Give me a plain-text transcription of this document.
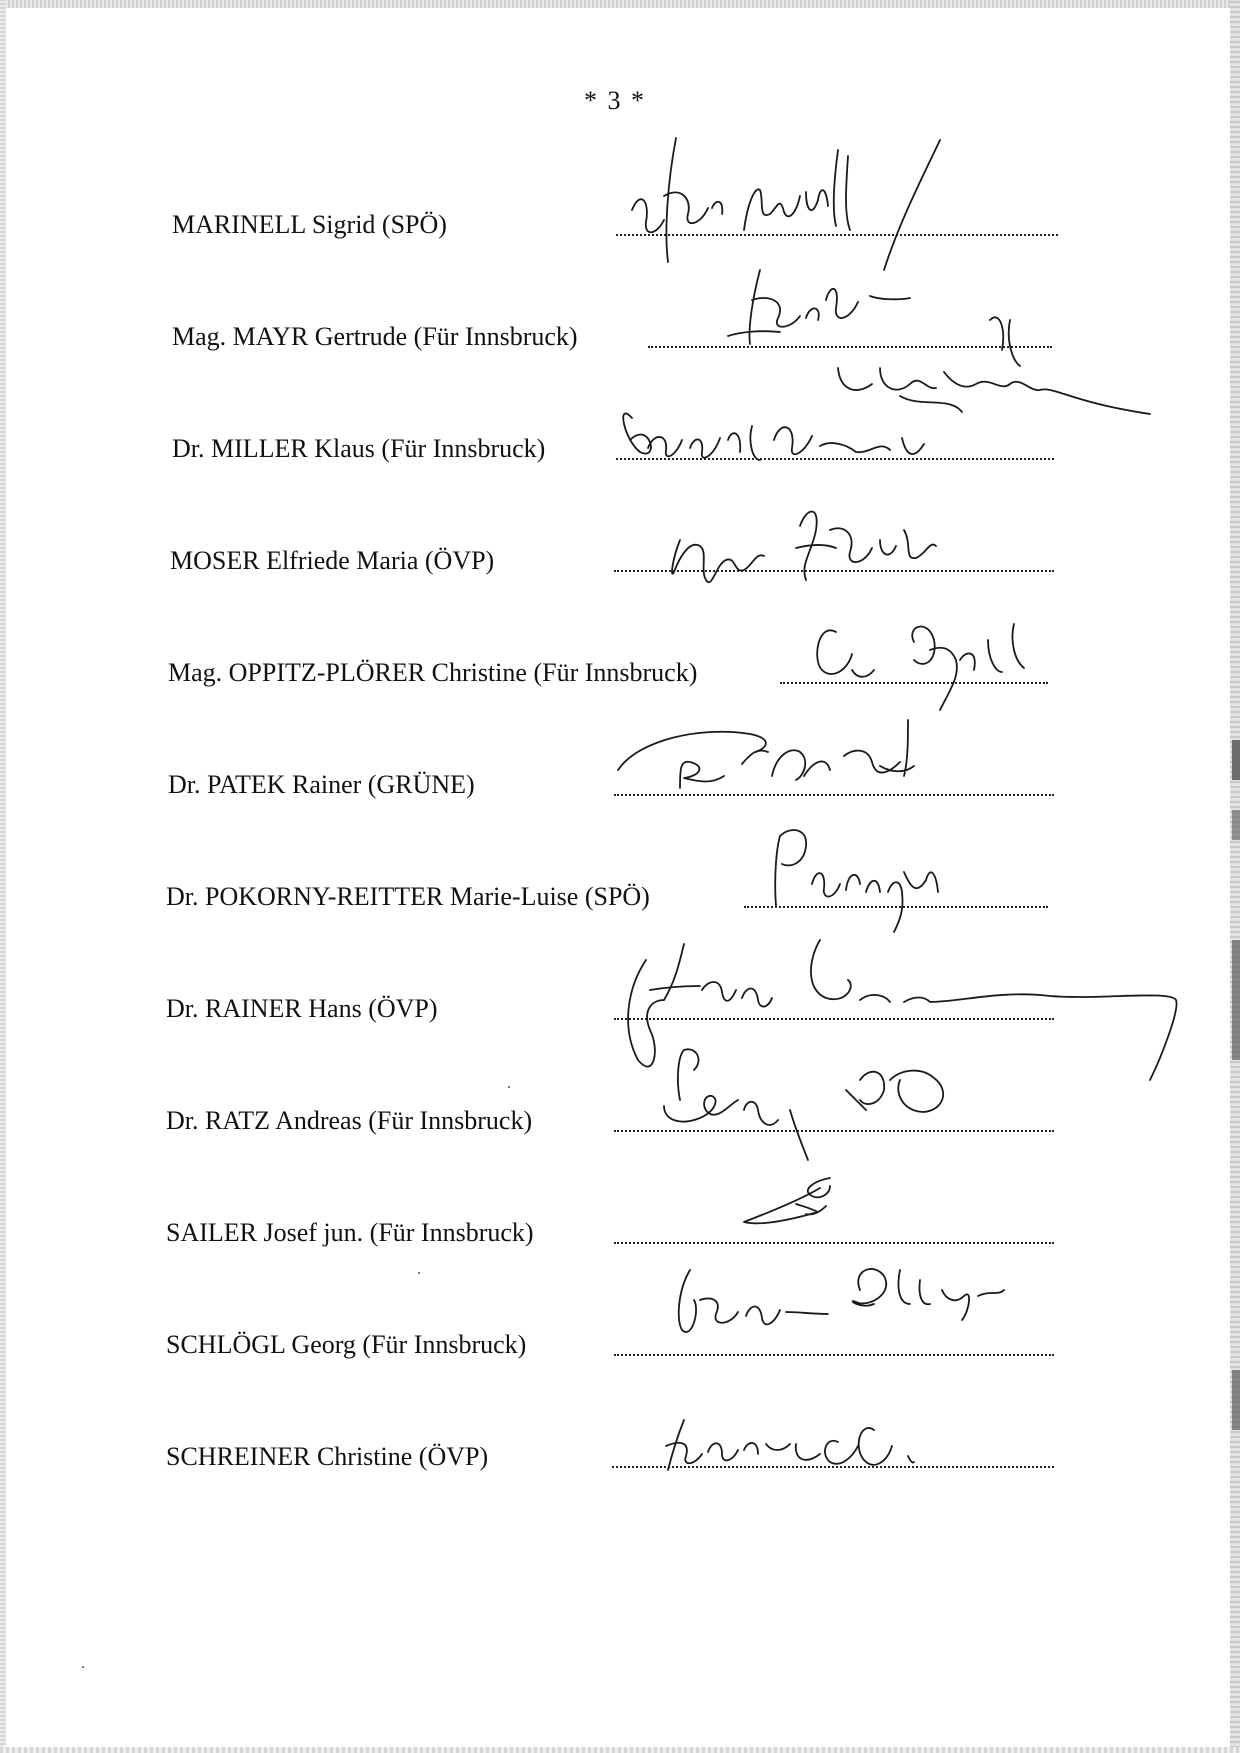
* 3 *
MARINELL Sigrid (SPÖ)
Mag. MAYR Gertrude (Für Innsbruck)
Dr. MILLER Klaus (Für Innsbruck)
MOSER Elfriede Maria (ÖVP)
Mag. OPPITZ-PLÖRER Christine (Für Innsbruck)
Dr. PATEK Rainer (GRÜNE)
Dr. POKORNY-REITTER Marie-Luise (SPÖ)
Dr. RAINER Hans (ÖVP)
Dr. RATZ Andreas (Für Innsbruck)
SAILER Josef jun. (Für Innsbruck)
SCHLÖGL Georg (Für Innsbruck)
SCHREINER Christine (ÖVP)
